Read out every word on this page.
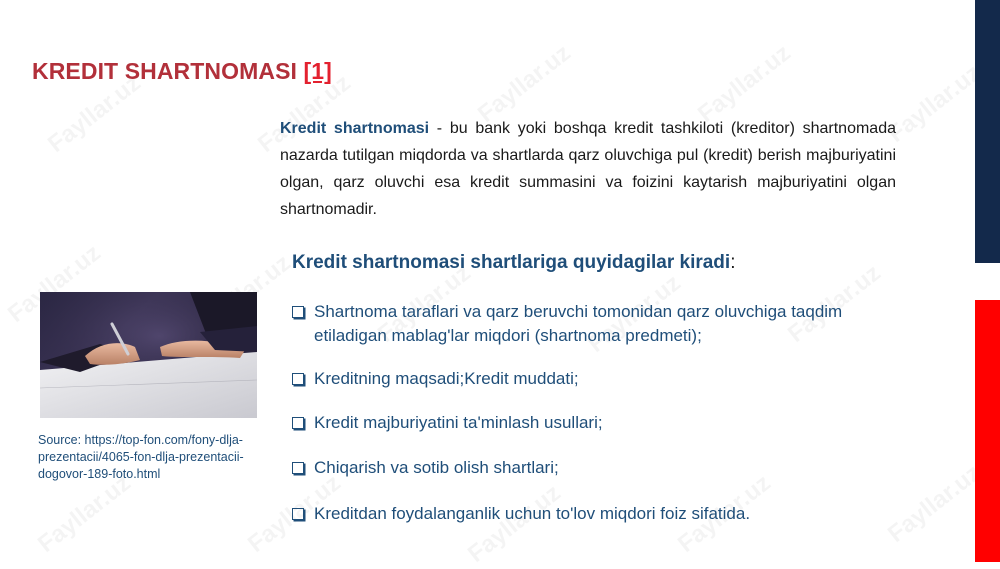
KREDIT SHARTNOMASI [1]

Kredit shartnomasi - bu bank yoki boshqa kredit tashkiloti (kreditor) shartnomada nazarda tutilgan miqdorda va shartlarda qarz oluvchiga pul (kredit) berish majburiyatini olgan, qarz oluvchi esa kredit summasini va foizini kaytarish majburiyatini olgan shartnomadir.

Kredit shartnomasi shartlariga quyidagilar kiradi:
Shartnoma taraflari va qarz beruvchi tomonidan qarz oluvchiga taqdim etiladigan mablag'lar miqdori (shartnoma predmeti);
Kreditning maqsadi;Kredit muddati;
Kredit majburiyatini ta'minlash usullari;
Chiqarish va sotib olish shartlari;
Kreditdan foydalanganlik uchun to'lov miqdori foiz sifatida.

Source: https://top-fon.com/fony-dlja-prezentacii/4065-fon-dlja-prezentacii-dogovor-189-foto.html
